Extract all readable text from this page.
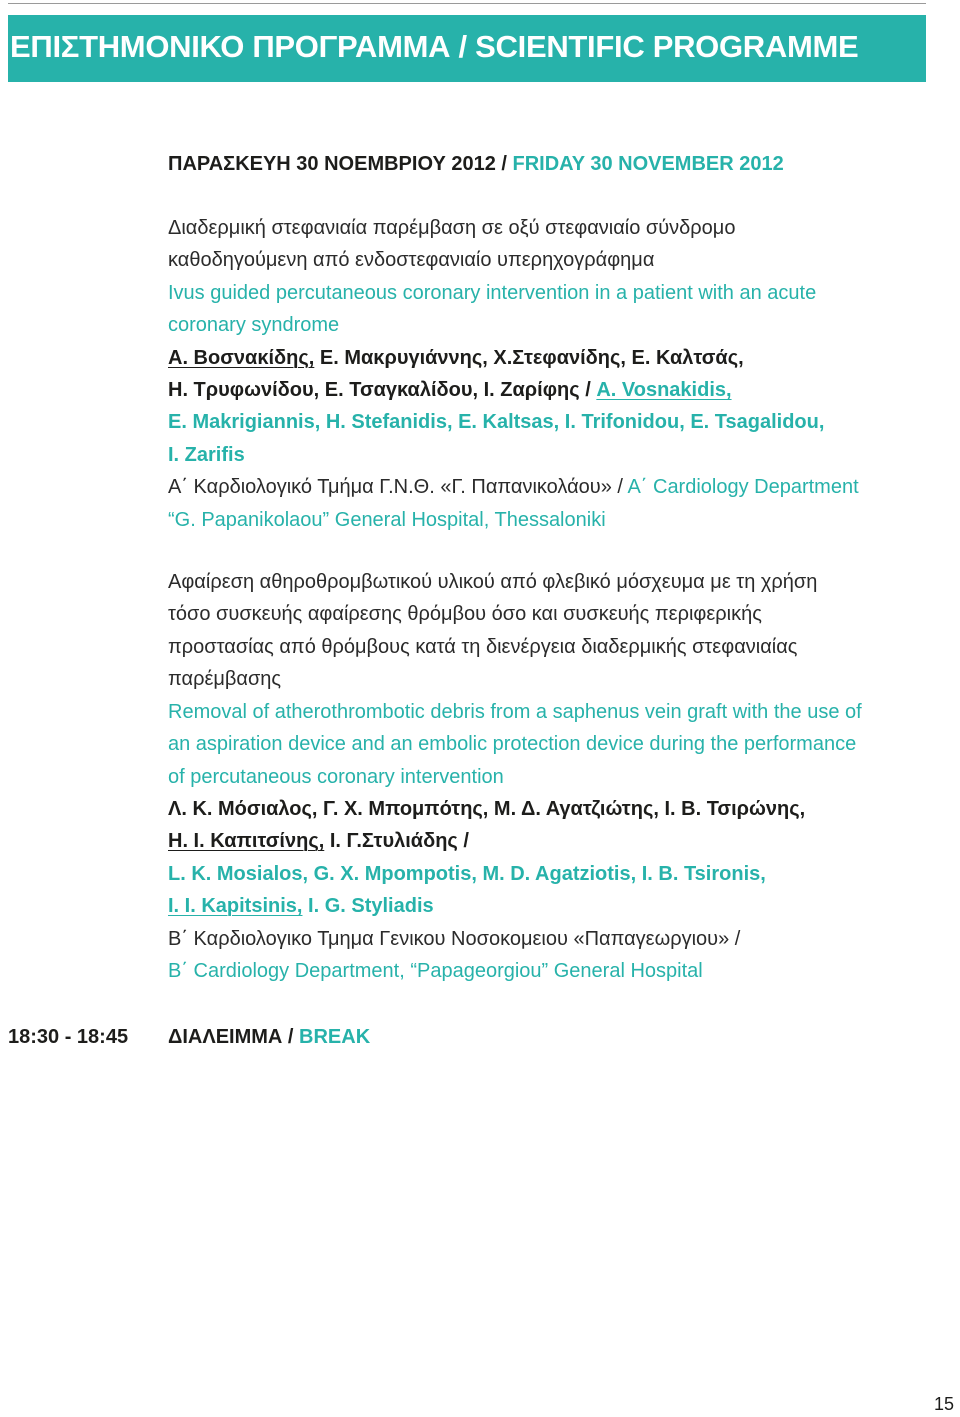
ΕΠΙΣΤΗΜΟΝΙΚΟ ΠΡΟΓΡΑΜΜΑ / SCIENTIFIC PROGRAMME
ΠΑΡΑΣΚΕΥΗ 30 ΝΟΕΜΒΡΙΟΥ 2012 / FRIDAY 30 NOVEMBER 2012

Διαδερμική στεφανιαία παρέμβαση σε οξύ στεφανιαίο σύνδρομο
καθοδηγούμενη από ενδοστεφανιαίο υπερηχογράφημα

Ivus guided percutaneous coronary intervention in a patient with an acute
coronary syndrome

Α. Βοσνακίδης, Ε. Μακρυγιάννης, Χ.Στεφανίδης, Ε. Καλτσάς,
Η. Τρυφωνίδου, Ε. Τσαγκαλίδου, Ι. Ζαρίφης / A. Vosnakidis,
E. Makrigiannis, H. Stefanidis, E. Kaltsas, I. Trifonidou, E. Tsagalidou,
I. Zarifis

Α΄ Καρδιολογικό Τμήμα Γ.Ν.Θ. «Γ. Παπανικολάου» / Α΄ Cardiology Department
“G. Papanikolaou” General Hospital, Thessaloniki

Αφαίρεση αθηροθρομβωτικού υλικού από φλεβικό μόσχευμα με τη χρήση
τόσο συσκευής αφαίρεσης θρόμβου όσο και συσκευής περιφερικής
προστασίας από θρόμβους κατά τη διενέργεια διαδερμικής στεφανιαίας
παρέμβασης

Removal of atherothrombotic debris from a saphenus vein graft with the use of
an aspiration device and an embolic protection device during the performance
of percutaneous coronary intervention

Λ. Κ. Μόσιαλος, Γ. Χ. Μπομπότης, Μ. Δ. Αγατζιώτης, Ι. Β. Τσιρώνης,
Η. Ι. Καπιτσίνης, Ι. Γ.Στυλιάδης /
L. K. Mosialos, G. X. Mpompotis, M. D. Agatziotis, I. B. Tsironis,
I. I. Kapitsinis, I. G. Styliadis

Β΄ Καρδιολογικο Τμημα Γενικου Νοσοκομειου «Παπαγεωργιου» /
Β΄ Cardiology Department, “Papageorgiou” General Hospital

18:30 - 18:45 ΔΙΑΛΕΙΜΜΑ / BREAK
15
